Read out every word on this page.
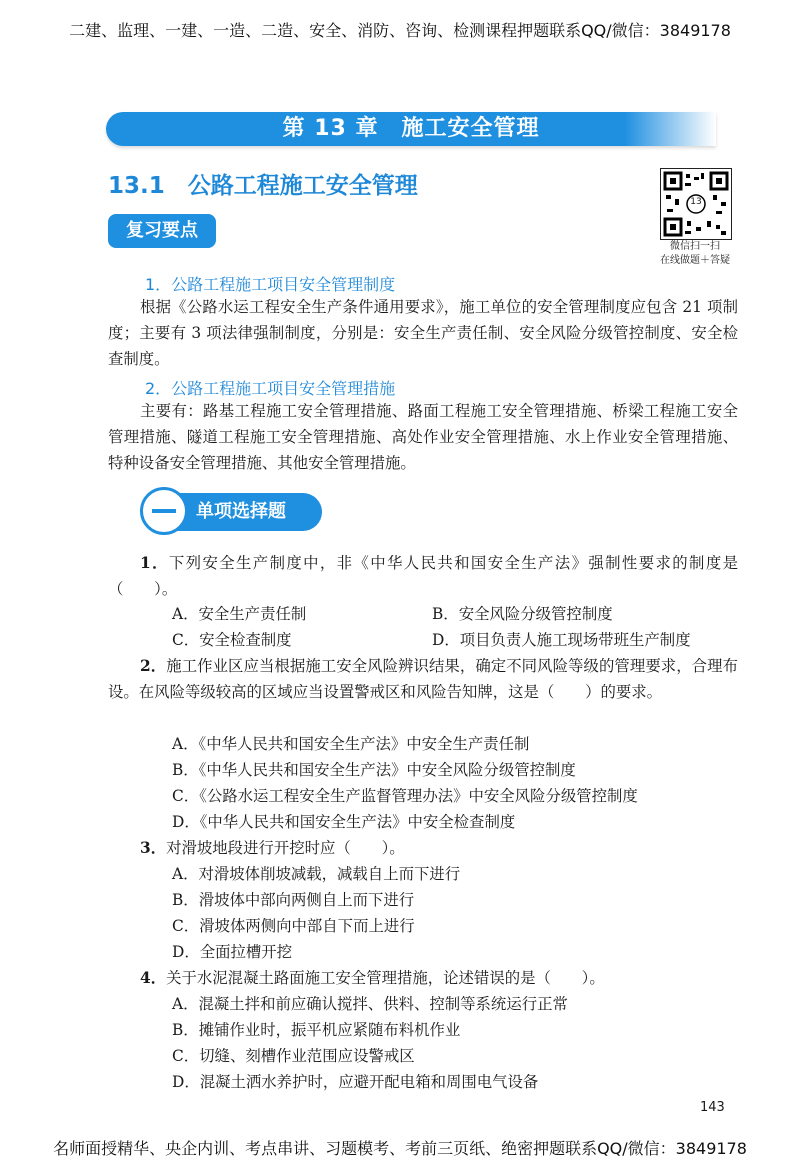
二建、监理、一建、一造、二造、安全、消防、咨询、检测课程押题联系QQ/微信：3849178
第 13 章　施工安全管理
13.1　公路工程施工安全管理
13
微信扫一扫
在线做题＋答疑
复习要点
1．公路工程施工项目安全管理制度
根据《公路水运工程安全生产条件通用要求》，施工单位的安全管理制度应包含 21 项制度；主要有 3 项法律强制制度，分别是：安全生产责任制、安全风险分级管控制度、安全检查制度。
2．公路工程施工项目安全管理措施
主要有：路基工程施工安全管理措施、路面工程施工安全管理措施、桥梁工程施工安全管理措施、隧道工程施工安全管理措施、高处作业安全管理措施、水上作业安全管理措施、特种设备安全管理措施、其他安全管理措施。
单项选择题
1．下列安全生产制度中，非《中华人民共和国安全生产法》强制性要求的制度是（　　）。
A．安全生产责任制	B．安全风险分级管控制度
C．安全检查制度	D．项目负责人施工现场带班生产制度
2．施工作业区应当根据施工安全风险辨识结果，确定不同风险等级的管理要求，合理布设。在风险等级较高的区域应当设置警戒区和风险告知牌，这是（　　）的要求。
A．《中华人民共和国安全生产法》中安全生产责任制
B．《中华人民共和国安全生产法》中安全风险分级管控制度
C．《公路水运工程安全生产监督管理办法》中安全风险分级管控制度
D．《中华人民共和国安全生产法》中安全检查制度
3．对滑坡地段进行开挖时应（　　）。
A．对滑坡体削坡减载，减载自上而下进行
B．滑坡体中部向两侧自上而下进行
C．滑坡体两侧向中部自下而上进行
D．全面拉槽开挖
4．关于水泥混凝土路面施工安全管理措施，论述错误的是（　　）。
A．混凝土拌和前应确认搅拌、供料、控制等系统运行正常
B．摊铺作业时，振平机应紧随布料机作业
C．切缝、刻槽作业范围应设警戒区
D．混凝土洒水养护时，应避开配电箱和周围电气设备
143
名师面授精华、央企内训、考点串讲、习题模考、考前三页纸、绝密押题联系QQ/微信：3849178
